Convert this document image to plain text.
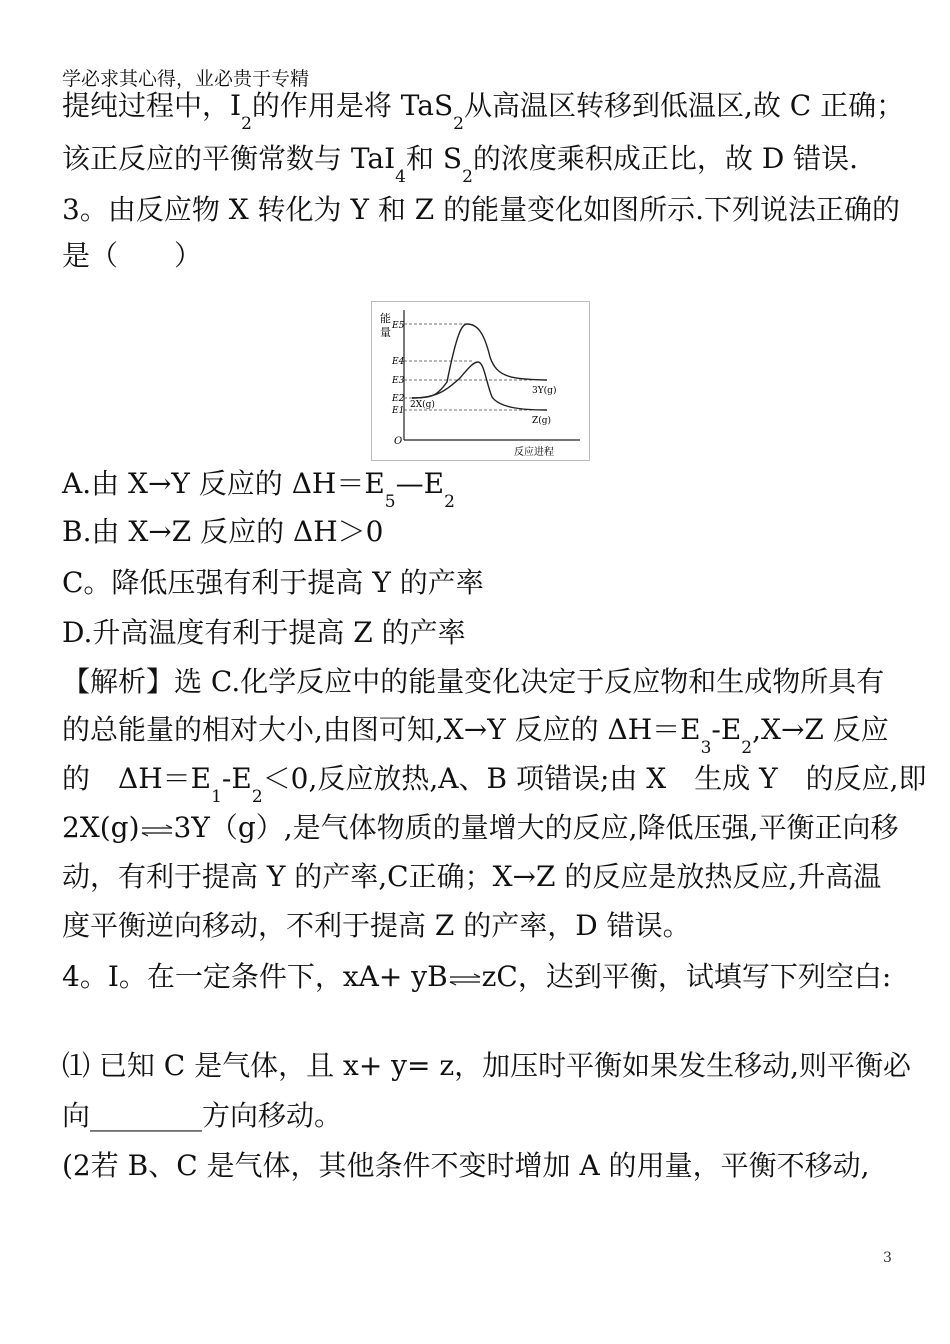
学必求其心得，业必贵于专精
提纯过程中，$I_2$的作用是将 TaS$_2$从高温区转移到低温区,故 C 正确；
该正反应的平衡常数与 TaI$_4$和 $S_2$的浓度乘积成正比，故 D 错误.
3。由反应物 X 转化为 Y 和 Z 的能量变化如图所示.下列说法正确的
是（　　）
能
量
O
反应进程
E5
E4
E3
E2
E1
2X(g)
3Y(g)
Z(g)
A.由 X→Y 反应的 $\Delta H=E_5—E_2$
B.由 X→Z 反应的 ΔH＞0
C。降低压强有利于提高 Y 的产率
D.升高温度有利于提高 Z 的产率
【解析】选 C.化学反应中的能量变化决定于反应物和生成物所具有
的总能量的相对大小,由图可知,X→Y 反应的 $\Delta H=E_3-E_2,X\to Z$ 反应
的　$\Delta H=E_1-E_2<0$,反应放热,A、B 项错误;由 X　生成 Y　的反应,即
2X(g)⇌3Y（g）,是气体物质的量增大的反应,降低压强,平衡正向移
动，有利于提高 Y 的产率,C正确；X→Z 的反应是放热反应,升高温
度平衡逆向移动，不利于提高 Z 的产率，D 错误。
4。Ⅰ。在一定条件下，xA+ yB⇌zC，达到平衡，试填写下列空白:
⑴ 已知 C 是气体，且 x+ y= z，加压时平衡如果发生移动,则平衡必
向________方向移动。
(2若 B、C 是气体，其他条件不变时增加 A 的用量，平衡不移动,
3
